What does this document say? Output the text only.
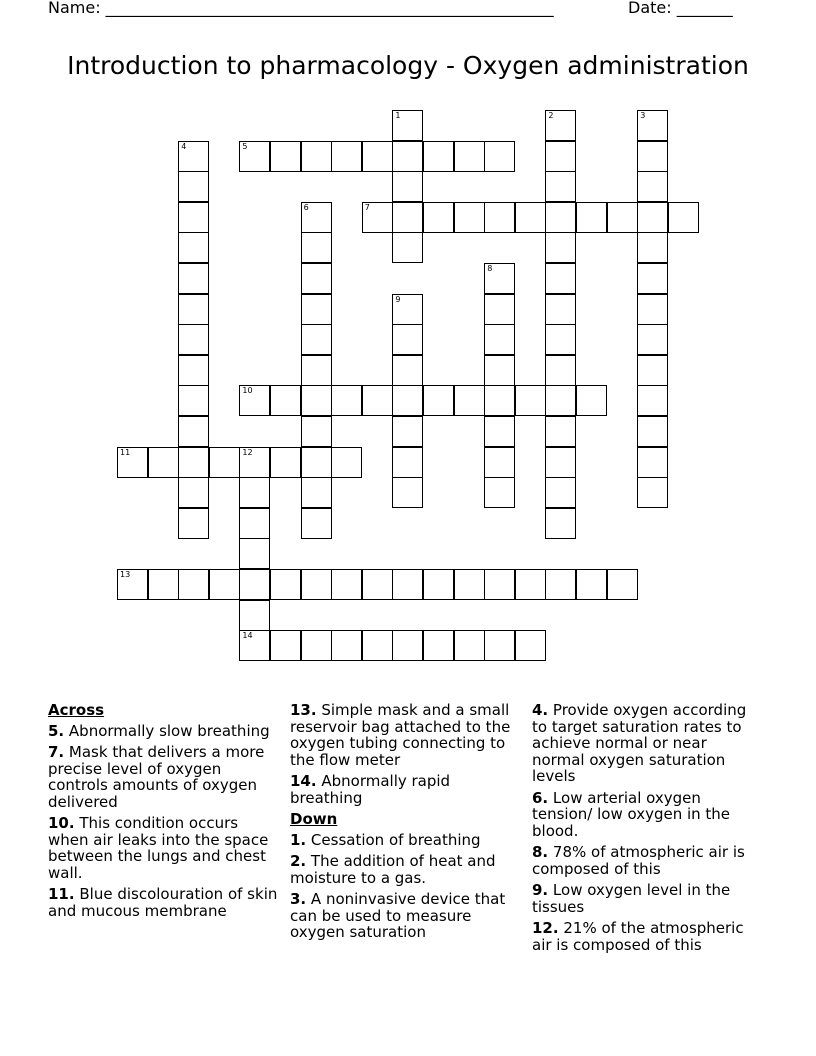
Name: ________________________________________________________	Date: _______
Introduction to pharmacology - Oxygen administration
1	2	3
4	5
6	7
8
9
10
11	12
13
14
Across
5. Abnormally slow breathing
7. Mask that delivers a more precise level of oxygen controls amounts of oxygen delivered
10. This condition occurs when air leaks into the space between the lungs and chest wall.
11. Blue discolouration of skin and mucous membrane
13. Simple mask and a small reservoir bag attached to the oxygen tubing connecting to the flow meter
14. Abnormally rapid breathing
Down
1. Cessation of breathing
2. The addition of heat and moisture to a gas.
3. A noninvasive device that can be used to measure oxygen saturation
4. Provide oxygen according to target saturation rates to achieve normal or near normal oxygen saturation levels
6. Low arterial oxygen tension/ low oxygen in the blood.
8. 78% of atmospheric air is composed of this
9. Low oxygen level in the tissues
12. 21% of the atmospheric air is composed of this
